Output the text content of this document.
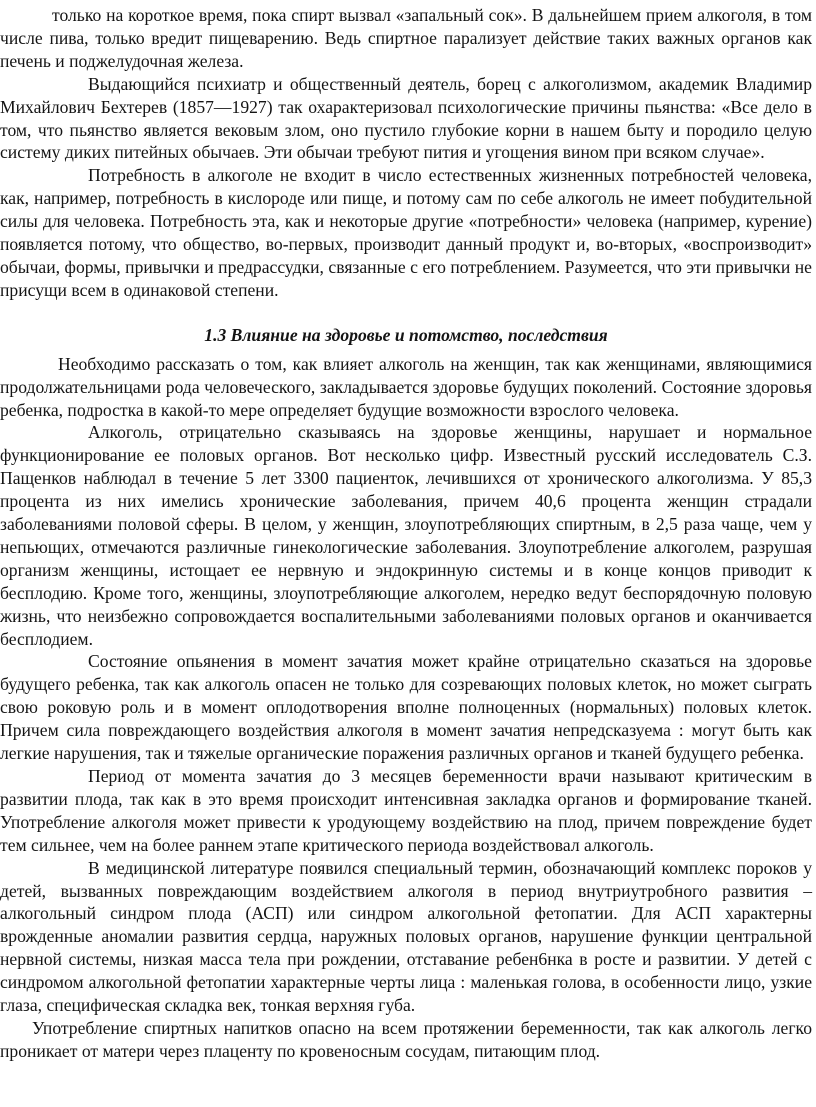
только на короткое время, пока спирт вызвал «запальный сок». В дальнейшем прием алкоголя, в том числе пива, только вредит пищеварению. Ведь спиртное парализует действие таких важных органов как печень и поджелудочная железа.

Выдающийся психиатр и общественный деятель, борец с алкоголизмом, академик Владимир Михайлович Бехтерев (1857—1927) так охарактеризовал психологические причины пьянства: «Все дело в том, что пьянство является вековым злом, оно пустило глубокие корни в нашем быту и породило целую систему диких питейных обычаев. Эти обычаи требуют пития и угощения вином при всяком случае».

Потребность в алкоголе не входит в число естественных жизненных потребностей человека, как, например, потребность в кислороде или пище, и потому сам по себе алкоголь не имеет побудительной силы для человека. Потребность эта, как и некоторые другие «потребности» человека (например, курение) появляется потому, что общество, во-первых, производит данный продукт и, во-вторых, «воспроизводит» обычаи, формы, привычки и предрассудки, связанные с его потреблением. Разумеется, что эти привычки не присущи всем в одинаковой степени.

1.3 Влияние на здоровье и потомство, последствия

Необходимо рассказать о том, как влияет алкоголь на женщин, так как женщинами, являющимися продолжательницами рода человеческого, закладывается здоровье будущих поколений. Состояние здоровья ребенка, подростка в какой-то мере определяет будущие возможности взрослого человека.

Алкоголь, отрицательно сказываясь на здоровье женщины, нарушает и нормальное функционирование ее половых органов. Вот несколько цифр. Известный русский исследователь С.З. Пащенков наблюдал в течение 5 лет 3300 пациенток, лечившихся от хронического алкоголизма. У 85,3 процента из них имелись хронические заболевания, причем 40,6 процента женщин страдали заболеваниями половой сферы. В целом, у женщин, злоупотребляющих спиртным, в 2,5 раза чаще, чем у непьющих, отмечаются различные гинекологические заболевания. Злоупотребление алкоголем, разрушая организм женщины, истощает ее нервную и эндокринную системы и в конце концов приводит к бесплодию. Кроме того, женщины, злоупотребляющие алкоголем, нередко ведут беспорядочную половую жизнь, что неизбежно сопровождается воспалительными заболеваниями половых органов и оканчивается бесплодием.

Состояние опьянения в момент зачатия может крайне отрицательно сказаться на здоровье будущего ребенка, так как алкоголь опасен не только для созревающих половых клеток, но может сыграть свою роковую роль и в момент оплодотворения вполне полноценных (нормальных) половых клеток. Причем сила повреждающего воздействия алкоголя в момент зачатия непредсказуема : могут быть как легкие нарушения, так и тяжелые органические поражения различных органов и тканей будущего ребенка.

Период от момента зачатия до 3 месяцев беременности врачи называют критическим в развитии плода, так как в это время происходит интенсивная закладка органов и формирование тканей. Употребление алкоголя может привести к уродующему воздействию на плод, причем повреждение будет тем сильнее, чем на более раннем этапе критического периода воздействовал алкоголь.

В медицинской литературе появился специальный термин, обозначающий комплекс пороков у детей, вызванных повреждающим воздействием алкоголя в период внутриутробного развития – алкогольный синдром плода (АСП) или синдром алкогольной фетопатии. Для АСП характерны врожденные аномалии развития сердца, наружных половых органов, нарушение функции центральной нервной системы, низкая масса тела при рождении, отставание ребен6нка в росте и развитии. У детей с синдромом алкогольной фетопатии характерные черты лица : маленькая голова, в особенности лицо, узкие глаза, специфическая складка век, тонкая верхняя губа.

Употребление спиртных напитков опасно на всем протяжении беременности, так как алкоголь легко проникает от матери через плаценту по кровеносным сосудам, питающим плод.
